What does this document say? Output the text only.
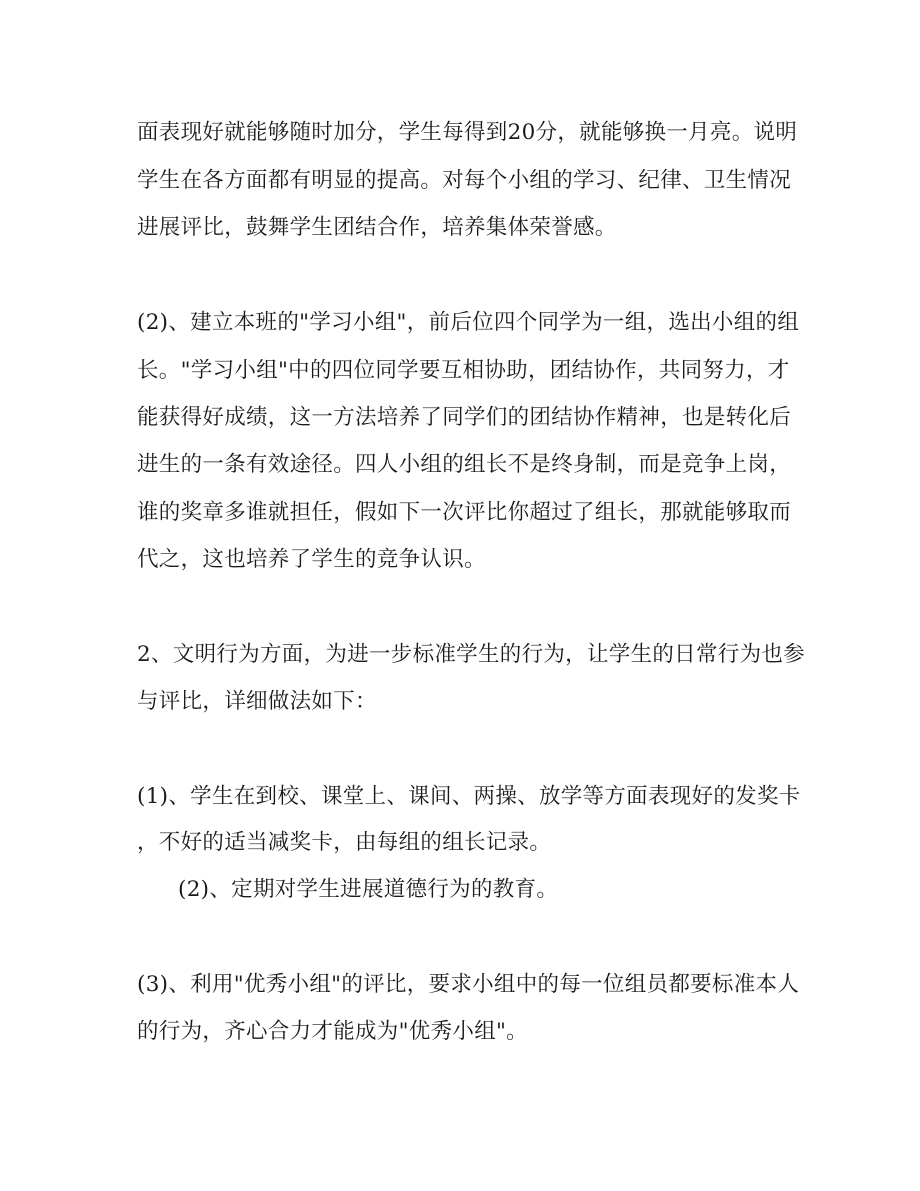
面表现好就能够随时加分，学生每得到20分，就能够换一月亮。说明
学生在各方面都有明显的提高。对每个小组的学习、纪律、卫生情况
进展评比，鼓舞学生团结合作，培养集体荣誉感。
(2)、建立本班的"学习小组"，前后位四个同学为一组，选出小组的组
长。"学习小组"中的四位同学要互相协助，团结协作，共同努力，才
能获得好成绩，这一方法培养了同学们的团结协作精神，也是转化后
进生的一条有效途径。四人小组的组长不是终身制，而是竞争上岗，
谁的奖章多谁就担任，假如下一次评比你超过了组长，那就能够取而
代之，这也培养了学生的竞争认识。
2、文明行为方面，为进一步标准学生的行为，让学生的日常行为也参
与评比，详细做法如下：
(1)、学生在到校、课堂上、课间、两操、放学等方面表现好的发奖卡
，不好的适当减奖卡，由每组的组长记录。
(2)、定期对学生进展道德行为的教育。
(3)、利用"优秀小组"的评比，要求小组中的每一位组员都要标准本人
的行为，齐心合力才能成为"优秀小组"。
